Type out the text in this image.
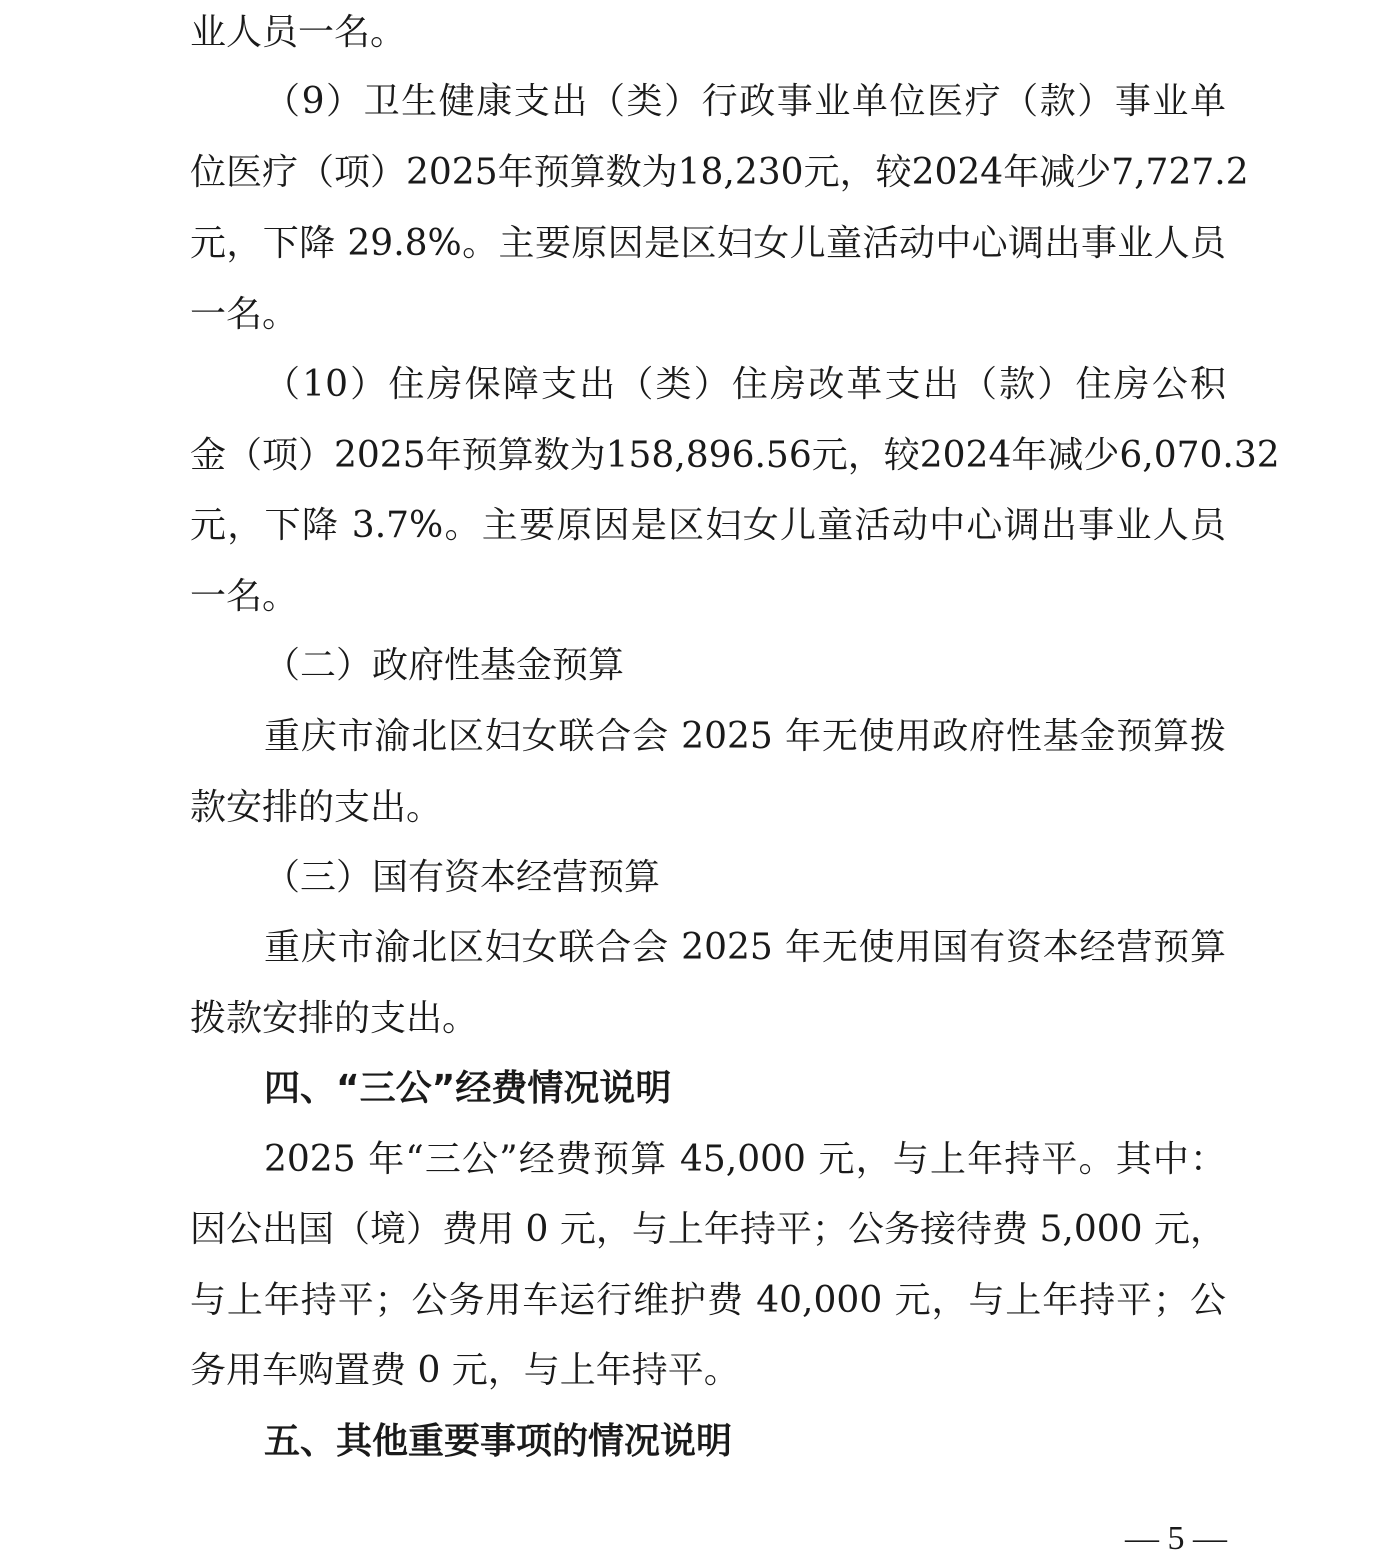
业人员一名。
（9）卫生健康支出（类）行政事业单位医疗（款）事业单
位医疗（项）2025年预算数为18,230元，较2024年减少7,727.2
元，下降 29.8%。主要原因是区妇女儿童活动中心调出事业人员
一名。
（10）住房保障支出（类）住房改革支出（款）住房公积
金（项）2025年预算数为158,896.56元，较2024年减少6,070.32
元，下降 3.7%。主要原因是区妇女儿童活动中心调出事业人员
一名。
（二）政府性基金预算
重庆市渝北区妇女联合会 2025 年无使用政府性基金预算拨
款安排的支出。
（三）国有资本经营预算
重庆市渝北区妇女联合会 2025 年无使用国有资本经营预算
拨款安排的支出。
四、“三公”经费情况说明
2025 年“三公”经费预算 45,000 元，与上年持平。其中：
因公出国（境）费用 0 元，与上年持平；公务接待费 5,000 元，
与上年持平；公务用车运行维护费 40,000 元，与上年持平；公
务用车购置费 0 元，与上年持平。
五、其他重要事项的情况说明
— 5 —
